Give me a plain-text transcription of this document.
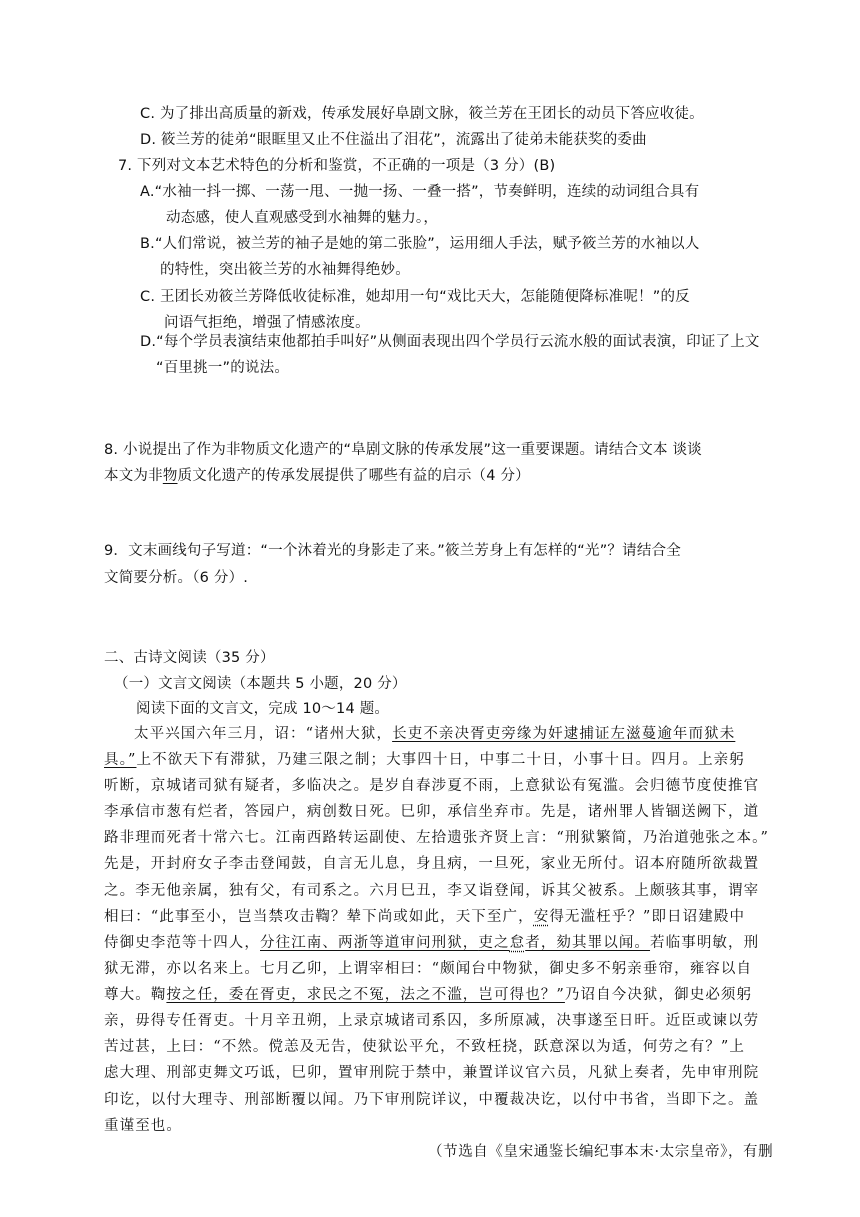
C. 为了排出高质量的新戏，传承发展好阜剧文脉，筱兰芳在王团长的动员下答应收徒。
D. 筱兰芳的徒弟“眼眶里又止不住溢出了泪花”，流露出了徒弟未能获奖的委曲
7. 下列对文本艺术特色的分析和鉴赏，不正确的一项是（3 分）(B)
A.“水袖一抖一掷、一荡一甩、一抛一扬、一叠一搭”，节奏鲜明，连续的动词组合具有
动态感，使人直观感受到水袖舞的魅力。，
B.“人们常说，被兰芳的袖子是她的第二张脸”，运用细人手法，赋予筱兰芳的水袖以人
的特性，突出筱兰芳的水袖舞得绝妙。
C. 王团长劝筱兰芳降低收徒标准，她却用一句“戏比天大，怎能随便降标准呢！”的反
问语气拒绝，增强了情感浓度。
D.“每个学员表演结束他都拍手叫好”从侧面表现出四个学员行云流水般的面试表演，印证了上文
“百里挑一”的说法。
8. 小说提出了作为非物质文化遗产的“阜剧文脉的传承发展”这一重要课题。请结合文本 谈谈
本文为非物质文化遗产的传承发展提供了哪些有益的启示（4 分）
9．文末画线句子写道：“一个沐着光的身影走了来。”筱兰芳身上有怎样的“光”？请结合全
文简要分析。（6 分）.
二、古诗文阅读（35 分）
（一）文言文阅读（本题共 5 小题，20 分）
阅读下面的文言文，完成 10～14 题。
太平兴国六年三月，诏：“诸州大狱，长吏不亲决胥吏旁缘为奸逮捕证左滋蔓逾年而狱未
具。”上不欲天下有滞狱，乃建三限之制；大事四十日，中事二十日，小事十日。四月。上亲躬
听断，京城诸司狱有疑者，多临决之。是岁自春涉夏不雨，上意狱讼有冤滥。会归德节度使推官
李承信市葱有烂者，答园户，病创数日死。巳卯，承信坐弃市。先是，诸州罪人皆锢送阙下，道
路非理而死者十常六七。江南西路转运副使、左拾遗张齐贤上言：“刑狱繁简，乃治道弛张之本。”
先是，开封府女子李击登闻鼓，自言无儿息，身且病，一旦死，家业无所付。诏本府随所欲裁置
之。李无他亲属，独有父，有司系之。六月巳丑，李又诣登闻，诉其父被系。上颇骇其事，谓宰
相曰：“此事至小，岂当禁攻击鞫？辇下尚或如此，天下至广，安得无滥枉乎？”即日诏建殿中
侍御史李范等十四人，分往江南、两浙等道审问刑狱，吏之怠者，劾其罪以闻。若临事明敏，刑
狱无滞，亦以名来上。七月乙卯，上谓宰相曰：“颇闻台中物狱，御史多不躬亲垂帘，雍容以自
尊大。鞫按之任，委在胥吏，求民之不冤，法之不滥，岂可得也？”乃诏自今决狱，御史必须躬
亲，毋得专任胥吏。十月辛丑朔，上录京城诸司系囚，多所原减，决事遂至日旰。近臣或谏以劳
苦过甚，上曰：“不然。傥恙及无告，使狱讼平允，不致枉挠，跃意深以为适，何劳之有？”上
虑大理、刑部吏舞文巧诋，巳卯，置审刑院于禁中，兼置详议官六员，凡狱上奏者，先申审刑院
印讫，以付大理寺、刑部断覆以闻。乃下审刑院详议，中覆裁决讫，以付中书省，当即下之。盖
重谨至也。
（节选自《皇宋通鉴长编纪事本末·太宗皇帝》，有删
